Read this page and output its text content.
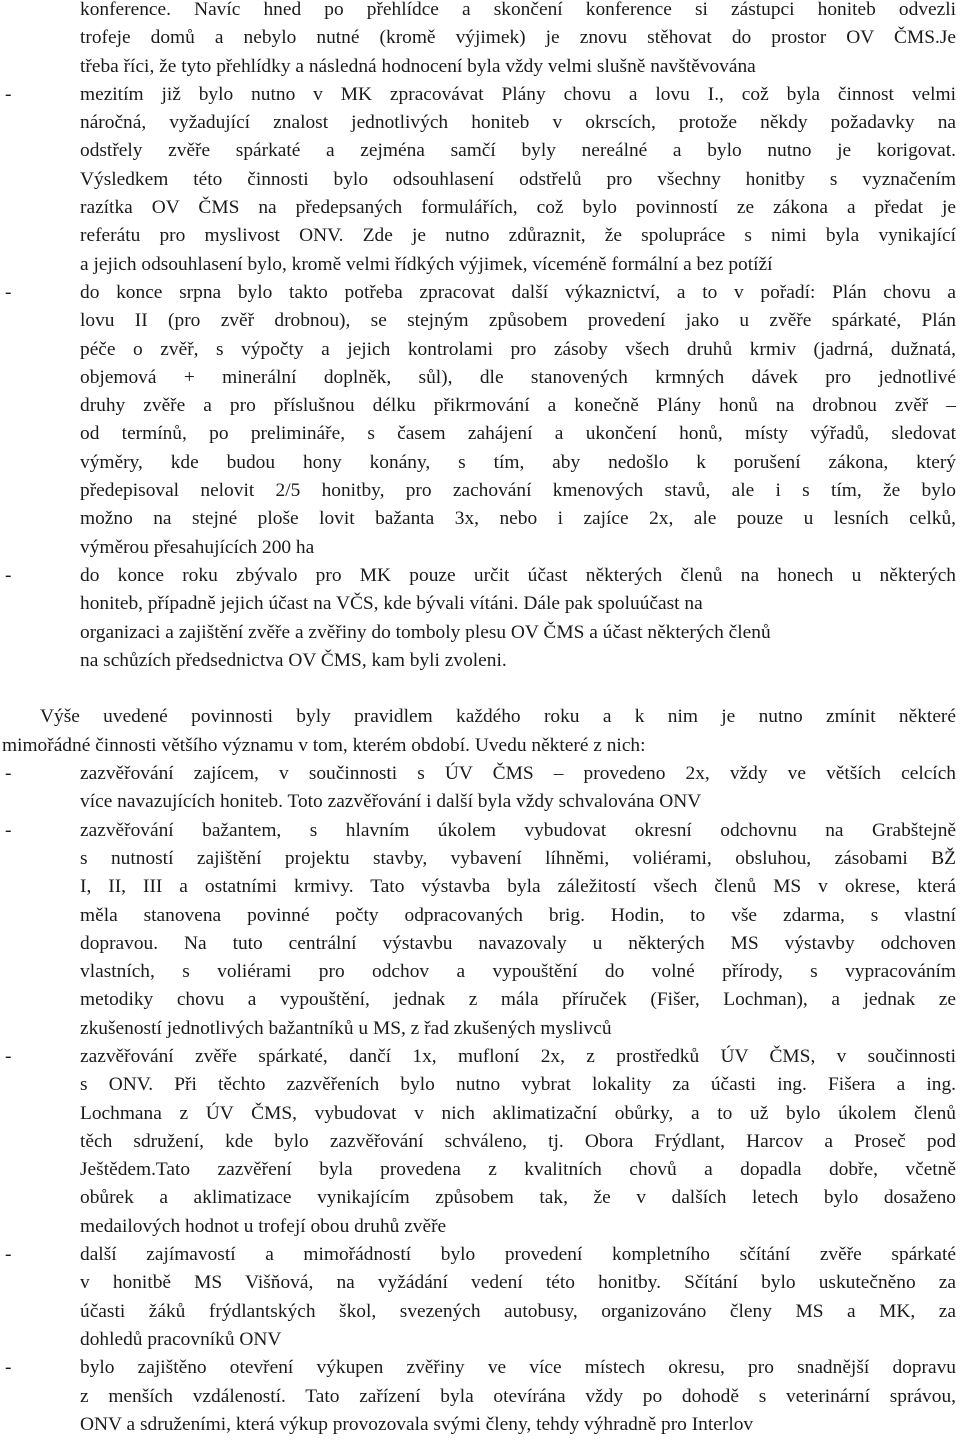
konference. Navíc hned po přehlídce a skončení konference si zástupci honiteb odvezli
trofeje domů a nebylo nutné (kromě výjimek) je znovu stěhovat do prostor OV ČMS.Je
třeba říci, že tyto přehlídky a následná hodnocení byla vždy velmi slušně navštěvována
-	mezitím již bylo nutno v MK zpracovávat Plány chovu a lovu I., což byla činnost velmi
náročná, vyžadující znalost jednotlivých honiteb v okrscích, protože někdy požadavky na
odstřely zvěře spárkaté a zejména samčí byly nereálné a bylo nutno je korigovat.
Výsledkem této činnosti bylo odsouhlasení odstřelů pro všechny honitby s vyznačením
razítka OV ČMS na předepsaných formulářích, což bylo povinností ze zákona a předat je
referátu pro myslivost ONV. Zde je nutno zdůraznit, že spolupráce s nimi byla vynikající
a jejich odsouhlasení bylo, kromě velmi řídkých výjimek, víceméně formální a bez potíží
-	do konce srpna bylo takto potřeba zpracovat další výkaznictví, a to v pořadí: Plán chovu a
lovu II (pro zvěř drobnou), se stejným způsobem provedení jako u zvěře spárkaté, Plán
péče o zvěř, s výpočty a jejich kontrolami pro zásoby všech druhů krmiv (jadrná, dužnatá,
objemová + minerální doplněk, sůl), dle stanovených krmných dávek pro jednotlivé
druhy zvěře a pro příslušnou délku přikrmování a konečně Plány honů na drobnou zvěř –
od termínů, po prelimináře, s časem zahájení a ukončení honů, místy výřadů, sledovat
výměry, kde budou hony konány, s tím, aby nedošlo k porušení zákona, který
předepisoval nelovit 2/5 honitby, pro zachování kmenových stavů, ale i s tím, že bylo
možno na stejné ploše lovit bažanta 3x, nebo i zajíce 2x, ale pouze u lesních celků,
výměrou přesahujících 200 ha
-	do konce roku zbývalo pro MK pouze určit účast některých členů na honech u některých
honiteb, případně jejich účast na VČS, kde bývali vítáni. Dále pak spoluúčast na
organizaci a zajištění zvěře a zvěřiny do tomboly plesu OV ČMS a účast některých členů
na schůzích předsednictva OV ČMS, kam byli zvoleni.
Výše uvedené povinnosti byly pravidlem každého roku a k nim je nutno zmínit některé
mimořádné činnosti většího významu v tom, kterém období. Uvedu některé z nich:
-	zazvěřování zajícem, v součinnosti s ÚV ČMS – provedeno 2x, vždy ve větších celcích
více navazujících honiteb. Toto zazvěřování i další byla vždy schvalována ONV
-	zazvěřování bažantem, s hlavním úkolem vybudovat okresní odchovnu na Grabštejně
s nutností zajištění projektu stavby, vybavení líhněmi, voliérami, obsluhou, zásobami BŽ
I, II, III a ostatními krmivy. Tato výstavba byla záležitostí všech členů MS v okrese, která
měla stanovena povinné počty odpracovaných brig. Hodin, to vše zdarma, s vlastní
dopravou. Na tuto centrální výstavbu navazovaly u některých MS výstavby odchoven
vlastních, s voliérami pro odchov a vypouštění do volné přírody, s vypracováním
metodiky chovu a vypouštění, jednak z mála příruček (Fišer, Lochman), a jednak ze
zkušeností jednotlivých bažantníků u MS, z řad zkušených myslivců
-	zazvěřování zvěře spárkaté, dančí 1x, mufloní 2x, z prostředků ÚV ČMS, v součinnosti
s ONV. Při těchto zazvěřeních bylo nutno vybrat lokality za účasti ing. Fišera a ing.
Lochmana z ÚV ČMS, vybudovat v nich aklimatizační obůrky, a to už bylo úkolem členů
těch sdružení, kde bylo zazvěřování schváleno, tj. Obora Frýdlant, Harcov a Proseč pod
Ještědem.Tato zazvěření byla provedena z kvalitních chovů a dopadla dobře, včetně
obůrek a aklimatizace vynikajícím způsobem tak, že v dalších letech bylo dosaženo
medailových hodnot u trofejí obou druhů zvěře
-	další zajímavostí a mimořádností bylo provedení kompletního sčítání zvěře spárkaté
v honitbě MS Višňová, na vyžádání vedení této honitby. Sčítání bylo uskutečněno za
účasti žáků frýdlantských škol, svezených autobusy, organizováno členy MS a MK, za
dohledů pracovníků ONV
-	bylo zajištěno otevření výkupen zvěřiny ve více místech okresu, pro snadnější dopravu
z menších vzdáleností. Tato zařízení byla otevírána vždy po dohodě s veterinární správou,
ONV a sdruženími, která výkup provozovala svými členy, tehdy výhradně pro Interlov
